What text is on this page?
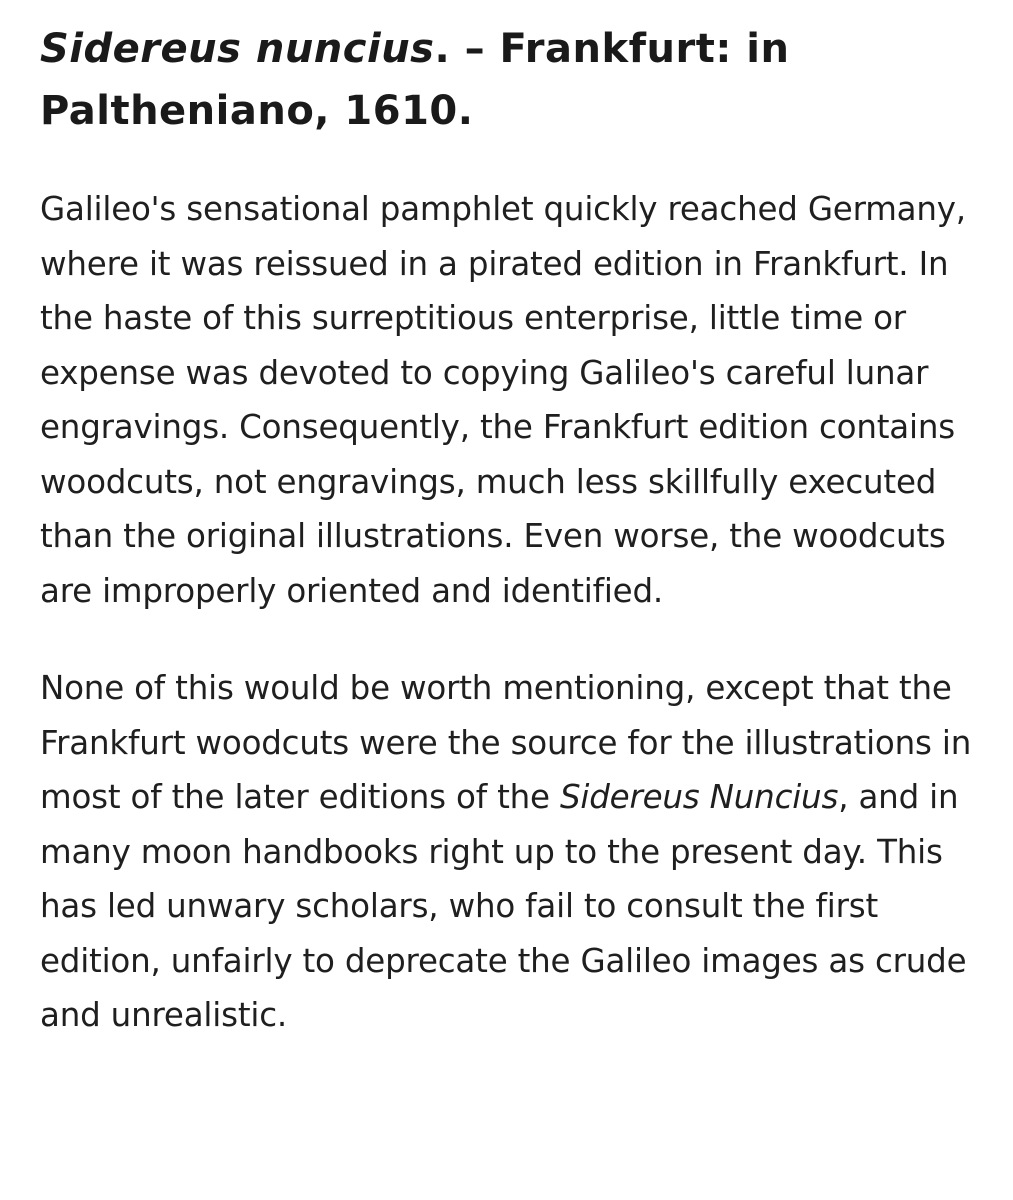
Sidereus nuncius. – Frankfurt: in Paltheniano, 1610.

Galileo's sensational pamphlet quickly reached Germany, where it was reissued in a pirated edition in Frankfurt. In the haste of this surreptitious enterprise, little time or expense was devoted to copying Galileo's careful lunar engravings. Consequently, the Frankfurt edition contains woodcuts, not engravings, much less skillfully executed than the original illustrations. Even worse, the woodcuts are improperly oriented and identified.

None of this would be worth mentioning, except that the Frankfurt woodcuts were the source for the illustrations in most of the later editions of the Sidereus Nuncius, and in many moon handbooks right up to the present day. This has led unwary scholars, who fail to consult the first edition, unfairly to deprecate the Galileo images as crude and unrealistic.
